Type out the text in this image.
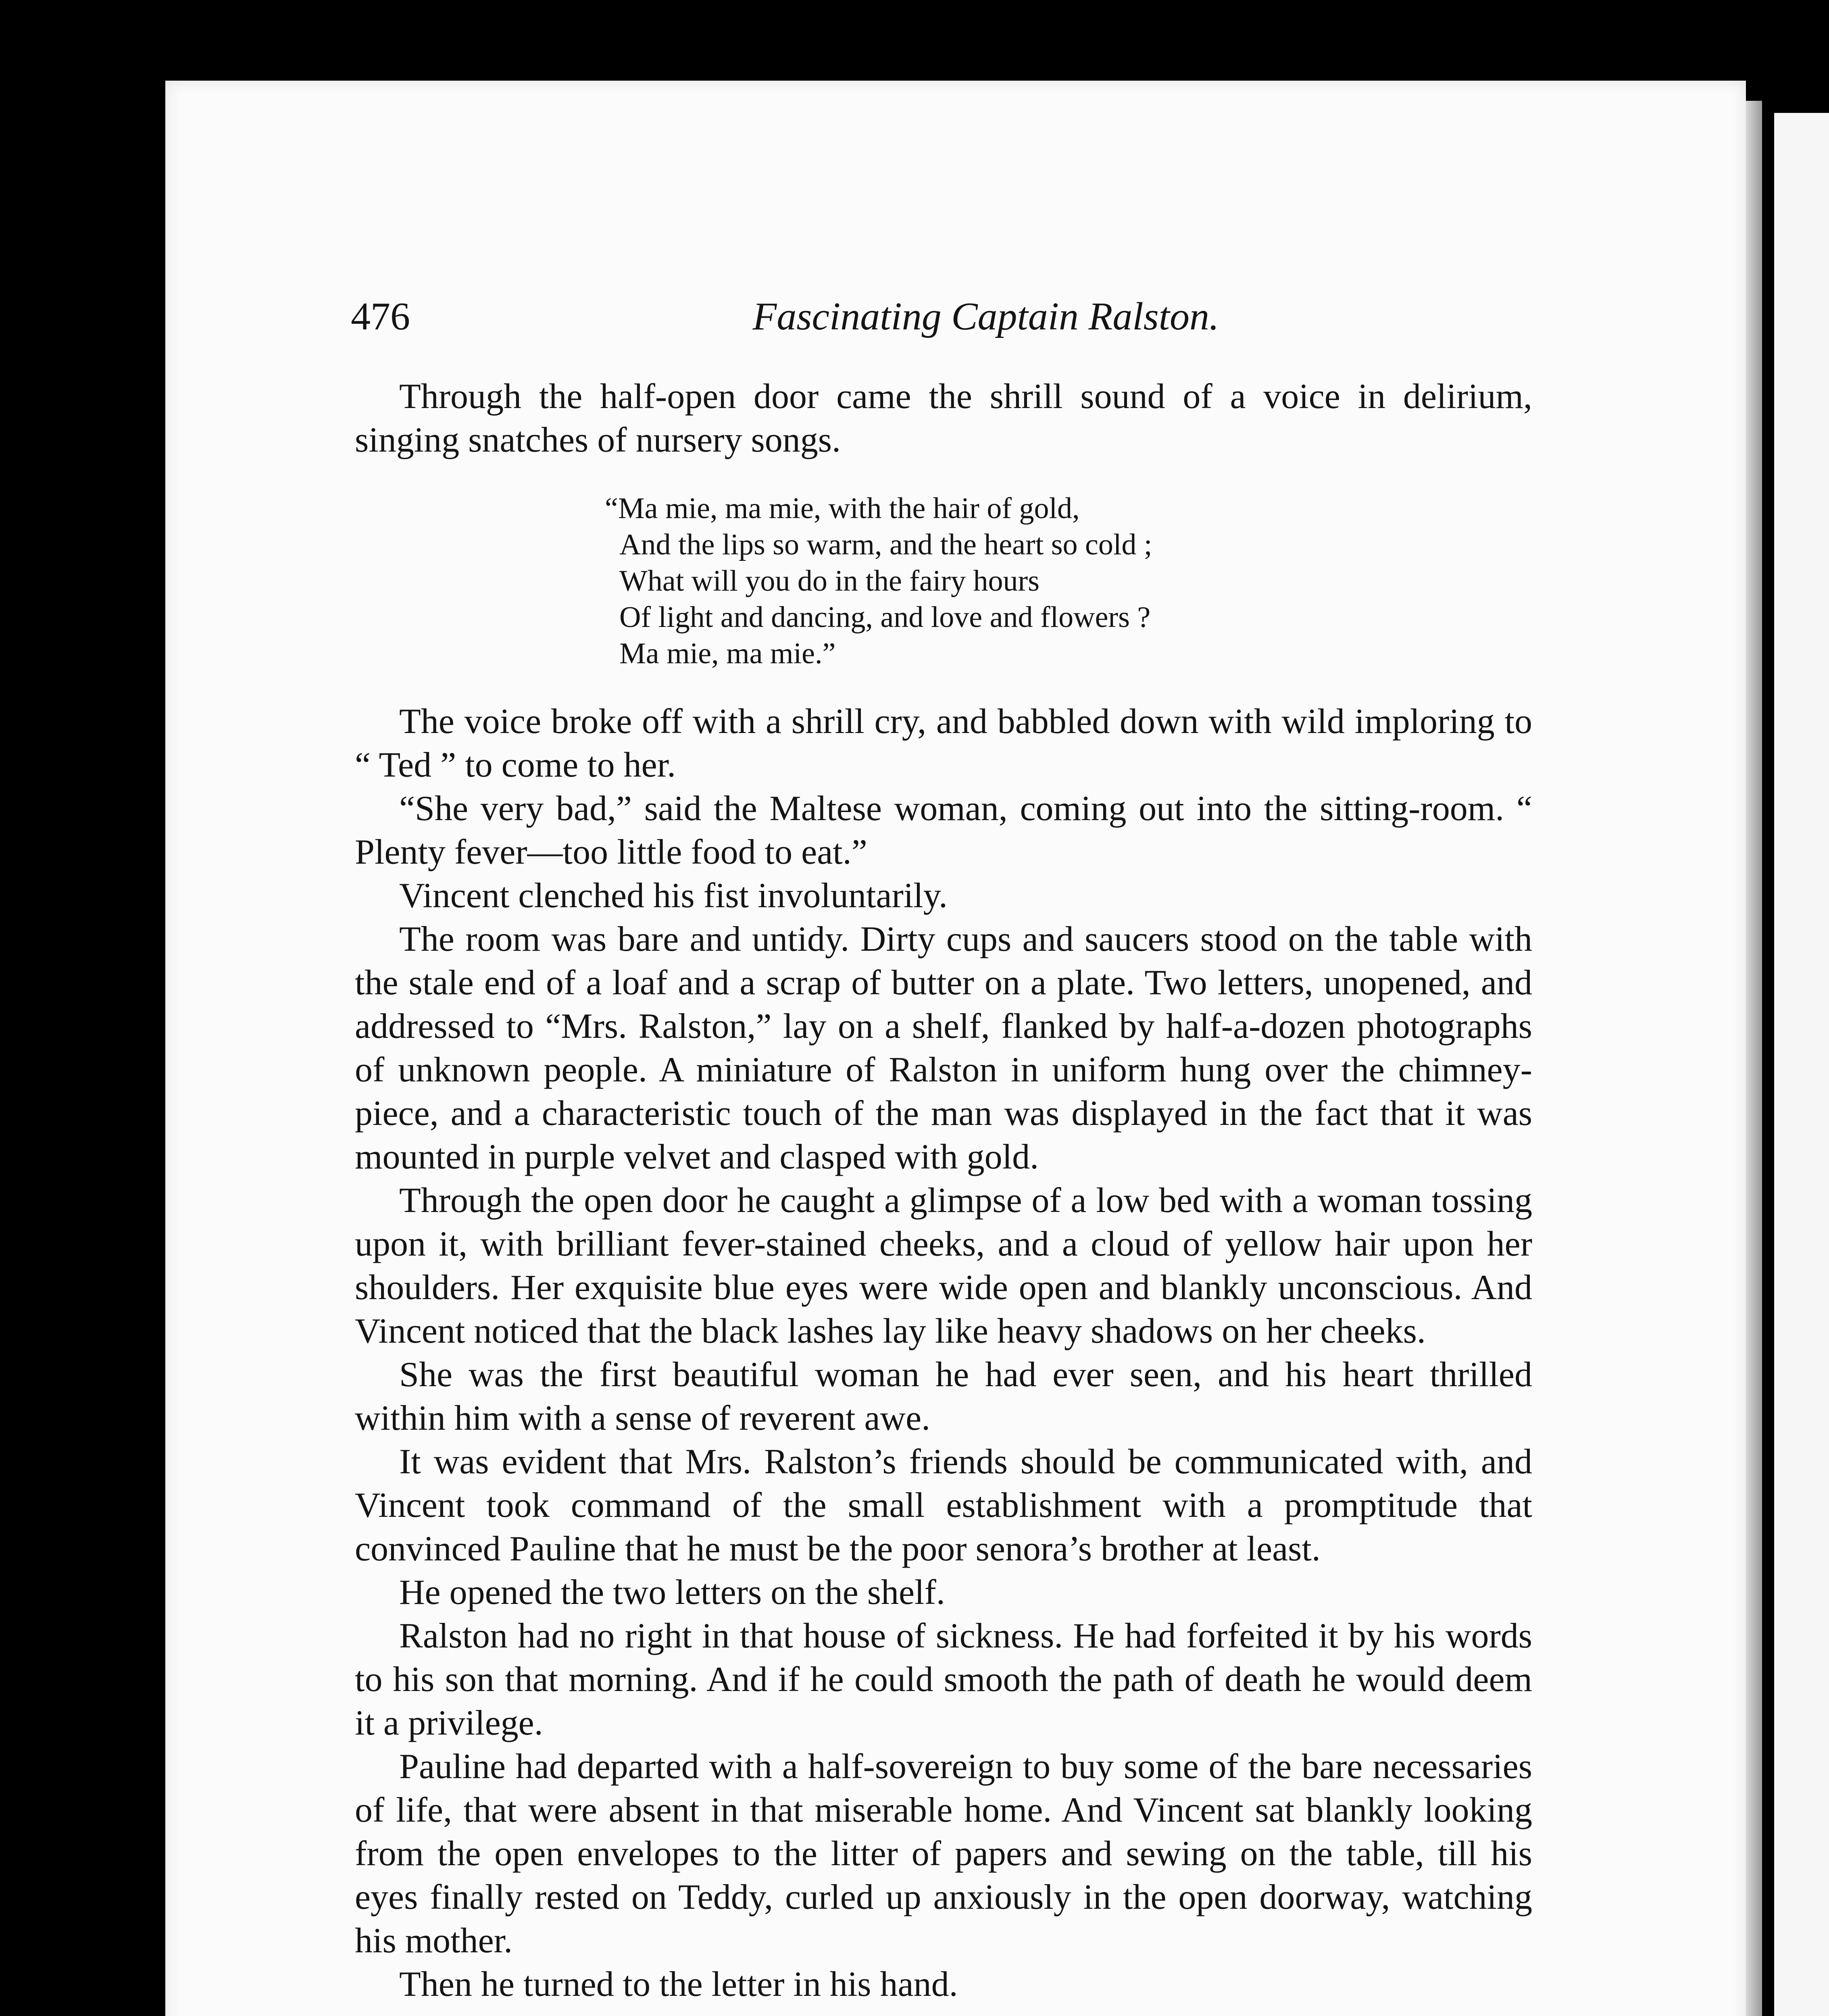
476	Fascinating Captain Ralston.

Through the half-open door came the shrill sound of a voice in delirium, singing snatches of nursery songs.

“Ma mie, ma mie, with the hair of gold,
And the lips so warm, and the heart so cold ;
What will you do in the fairy hours
Of light and dancing, and love and flowers ?
Ma mie, ma mie.”

The voice broke off with a shrill cry, and babbled down with wild imploring to “ Ted ” to come to her.

“She very bad,” said the Maltese woman, coming out into the sitting-room. “ Plenty fever—too little food to eat.”

Vincent clenched his fist involuntarily.

The room was bare and untidy. Dirty cups and saucers stood on the table with the stale end of a loaf and a scrap of butter on a plate. Two letters, unopened, and addressed to “Mrs. Ralston,” lay on a shelf, flanked by half-a-dozen photographs of unknown people. A miniature of Ralston in uniform hung over the chimney-piece, and a characteristic touch of the man was displayed in the fact that it was mounted in purple velvet and clasped with gold.

Through the open door he caught a glimpse of a low bed with a woman tossing upon it, with brilliant fever-stained cheeks, and a cloud of yellow hair upon her shoulders. Her exquisite blue eyes were wide open and blankly unconscious. And Vincent noticed that the black lashes lay like heavy shadows on her cheeks.

She was the first beautiful woman he had ever seen, and his heart thrilled within him with a sense of reverent awe.

It was evident that Mrs. Ralston’s friends should be communicated with, and Vincent took command of the small establishment with a promptitude that convinced Pauline that he must be the poor senora’s brother at least.

He opened the two letters on the shelf.

Ralston had no right in that house of sickness. He had forfeited it by his words to his son that morning. And if he could smooth the path of death he would deem it a privilege.

Pauline had departed with a half-sovereign to buy some of the bare necessaries of life, that were absent in that miserable home. And Vincent sat blankly looking from the open envelopes to the litter of papers and sewing on the table, till his eyes finally rested on Teddy, curled up anxiously in the open doorway, watching his mother.

Then he turned to the letter in his hand.
